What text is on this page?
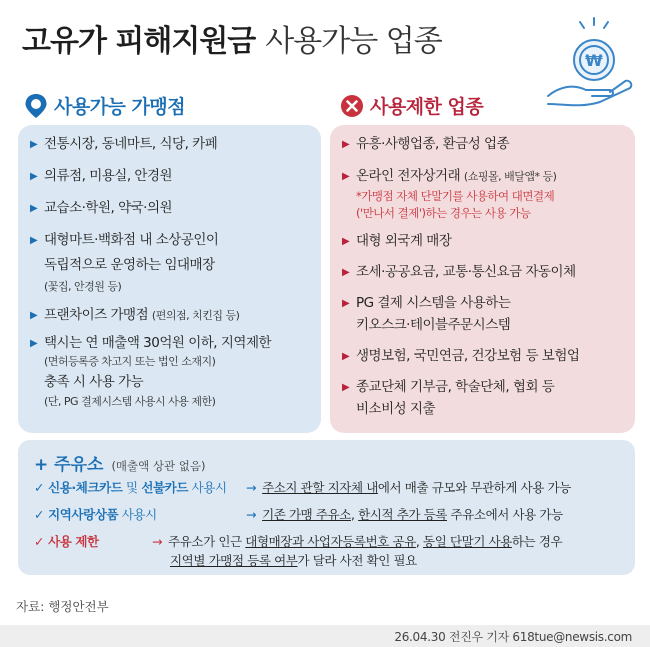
고유가 피해지원금 사용가능 업종
₩
사용가능 가맹점	사용제한 업종
▶ 전통시장, 동네마트, 식당, 카페
▶ 의류점, 미용실, 안경원
▶ 교습소·학원, 약국·의원
▶ 대형마트·백화점 내 소상공인이
독립적으로 운영하는 임대매장
(꽃집, 안경원 등)
▶ 프랜차이즈 가맹점 (편의점, 치킨집 등)
▶ 택시는 연 매출액 30억원 이하, 지역제한
(면허등록증 차고지 또는 법인 소재지)
충족 시 사용 가능
(단, PG 결제시스템 사용시 사용 제한)
▶ 유흥·사행업종, 환금성 업종
▶ 온라인 전자상거래 (쇼핑몰, 배달앱* 등)
*가맹점 자체 단말기를 사용하여 대면결제
('만나서 결제')하는 경우는 사용 가능
▶ 대형 외국계 매장
▶ 조세·공공요금, 교통·통신요금 자동이체
▶ PG 결제 시스템을 사용하는
키오스크·테이블주문시스템
▶ 생명보험, 국민연금, 건강보험 등 보험업
▶ 종교단체 기부금, 학술단체, 협회 등
비소비성 지출
+ 주유소 (매출액 상관 없음)
✓ 신용·체크카드 및 선불카드 사용시 → 주소지 관할 지자체 내에서 매출 규모와 무관하게 사용 가능
✓ 지역사랑상품 사용시	→ 기존 가맹 주유소, 한시적 추가 등록 주유소에서 사용 가능
✓ 사용 제한	→ 주유소가 인근 대형매장과 사업자등록번호 공유, 동일 단말기 사용하는 경우
지역별 가맹점 등록 여부가 달라 사전 확인 필요
자료: 행정안전부
26.04.30 전진우 기자 618tue@newsis.com
